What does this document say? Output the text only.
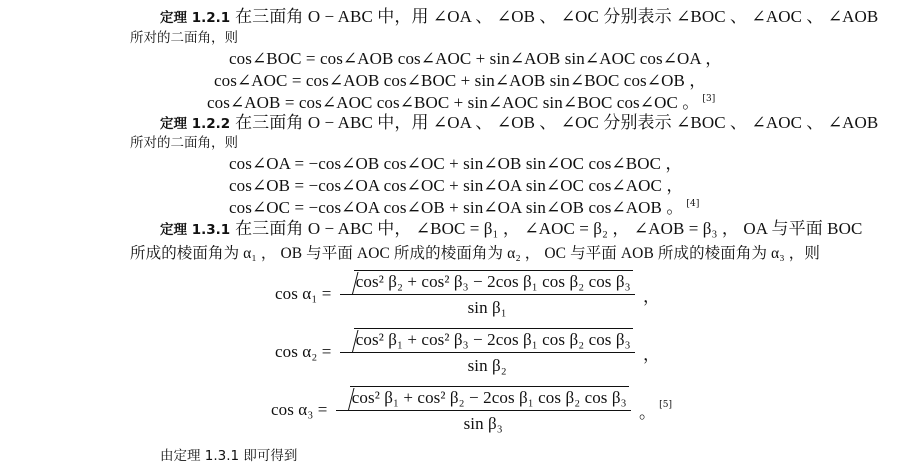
定理 1.2.1 在三面角 O − ABC 中，用 ∠OA 、 ∠OB 、 ∠OC 分别表示 ∠BOC 、 ∠AOC 、 ∠AOB
所对的二面角，则
cos∠BOC = cos∠AOB cos∠AOC + sin∠AOB sin∠AOC cos∠OA ，
cos∠AOC = cos∠AOB cos∠BOC + sin∠AOB sin∠BOC cos∠OB ，
cos∠AOB = cos∠AOC cos∠BOC + sin∠AOC sin∠BOC cos∠OC 。 [3]
定理 1.2.2 在三面角 O − ABC 中，用 ∠OA 、 ∠OB 、 ∠OC 分别表示 ∠BOC 、 ∠AOC 、 ∠AOB
所对的二面角，则
cos∠OA = −cos∠OB cos∠OC + sin∠OB sin∠OC cos∠BOC ，
cos∠OB = −cos∠OA cos∠OC + sin∠OA sin∠OC cos∠AOC ，
cos∠OC = −cos∠OA cos∠OB + sin∠OA sin∠OB cos∠AOB 。 [4]
定理 1.3.1 在三面角 O − ABC 中， ∠BOC = β₁ ， ∠AOC = β₂ ， ∠AOB = β₃ ， OA 与平面 BOC
所成的棱面角为 α₁ ， OB 与平面 AOC 所成的棱面角为 α₂ ， OC 与平面 AOB 所成的棱面角为 α₃ ，则
$\cos \alpha_1 = \frac{\text{cos² β₂ + cos² β₃ − 2cos β₁ cos β₂ cos β₃}}{\text{sin β₁}}$ ，
$\cos \alpha_2 = \frac{\text{cos² β₁ + cos² β₃ − 2cos β₁ cos β₂ cos β₃}}{\text{sin β₂}}$ ，
$\cos \alpha_3 = \frac{\text{cos² β₁ + cos² β₂ − 2cos β₁ cos β₂ cos β₃}}{\text{sin β₃}}$ 。 [5]
由定理 1.3.1 即可得到
